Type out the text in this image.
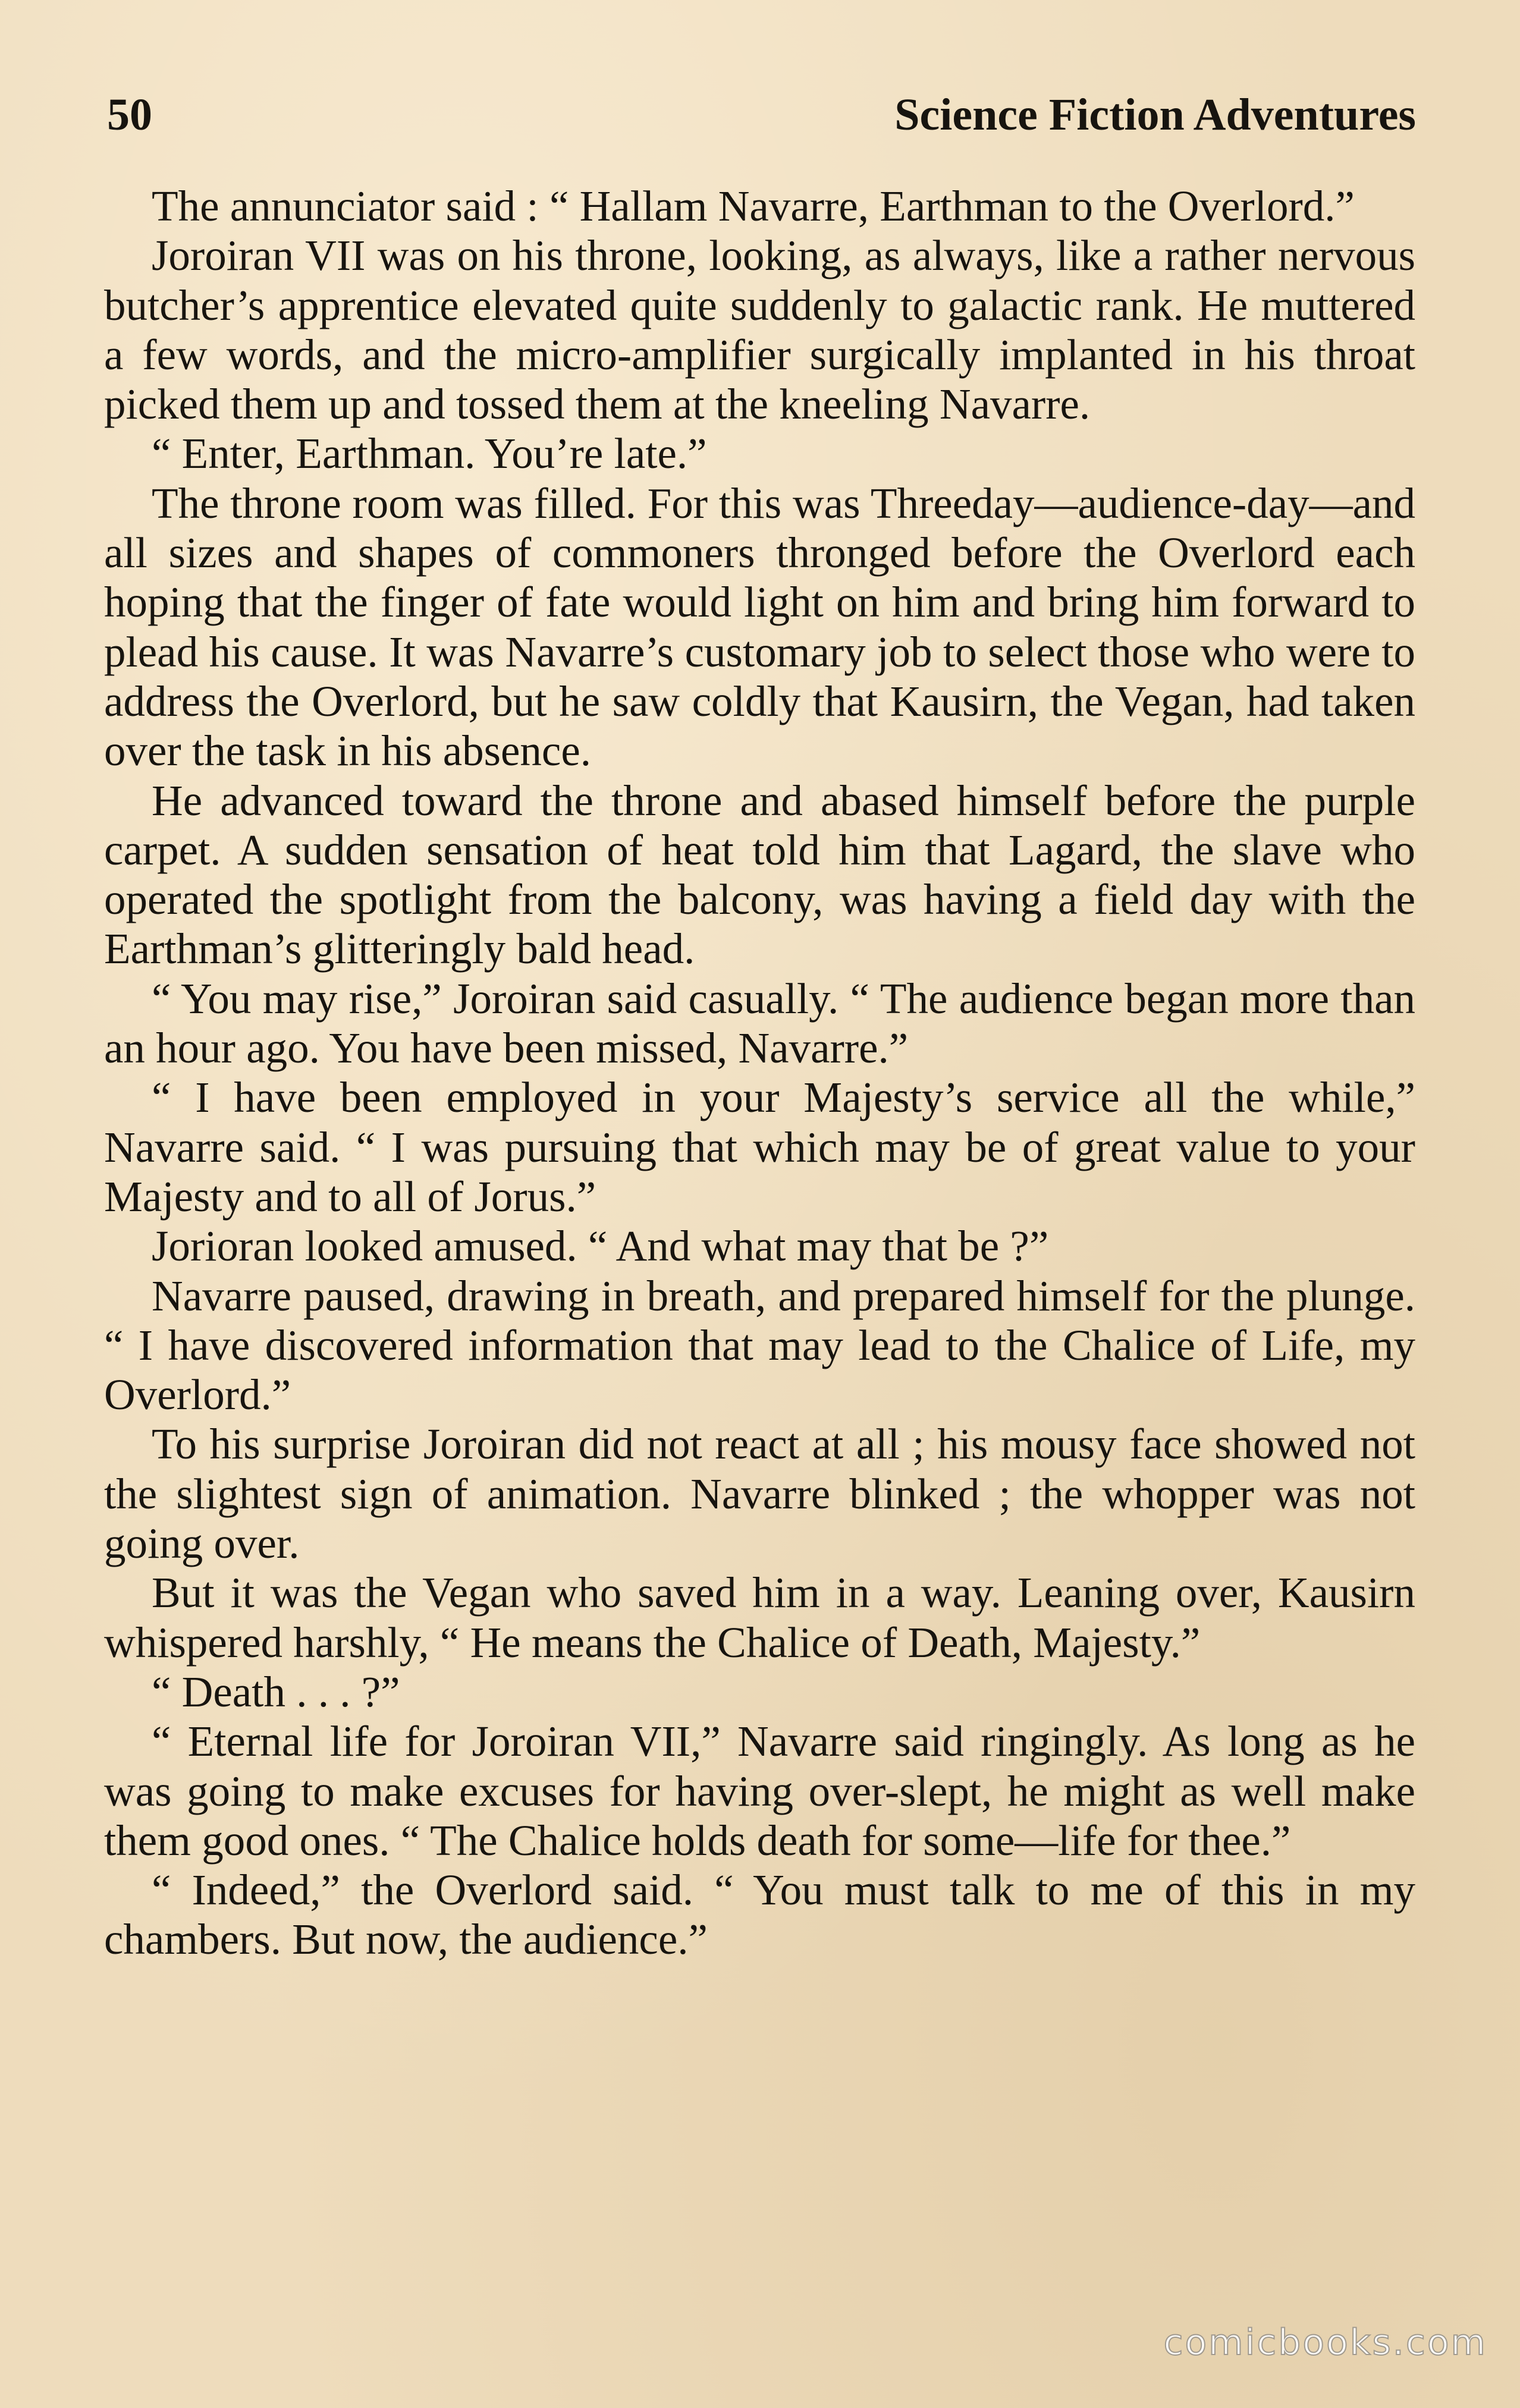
50	Science Fiction Adventures

The annunciator said : “ Hallam Navarre, Earthman to the Overlord.”

Joroiran VII was on his throne, looking, as always, like a rather nervous butcher’s apprentice elevated quite suddenly to galactic rank. He muttered a few words, and the micro-amplifier surgically implanted in his throat picked them up and tossed them at the kneeling Navarre.

“ Enter, Earthman. You’re late.”

The throne room was filled. For this was Threeday—audience-day—and all sizes and shapes of commoners thronged before the Overlord each hoping that the finger of fate would light on him and bring him forward to plead his cause. It was Navarre’s customary job to select those who were to address the Overlord, but he saw coldly that Kausirn, the Vegan, had taken over the task in his absence.

He advanced toward the throne and abased himself before the purple carpet. A sudden sensation of heat told him that Lagard, the slave who operated the spotlight from the balcony, was having a field day with the Earthman’s glitteringly bald head.

“ You may rise,” Joroiran said casually. “ The audience began more than an hour ago. You have been missed, Navarre.”

“ I have been employed in your Majesty’s service all the while,” Navarre said. “ I was pursuing that which may be of great value to your Majesty and to all of Jorus.”

Jorioran looked amused. “ And what may that be ?”

Navarre paused, drawing in breath, and prepared himself for the plunge. “ I have discovered information that may lead to the Chalice of Life, my Overlord.”

To his surprise Joroiran did not react at all ; his mousy face showed not the slightest sign of animation. Navarre blinked ; the whopper was not going over.

But it was the Vegan who saved him in a way. Leaning over, Kausirn whispered harshly, “ He means the Chalice of Death, Majesty.”

“ Death . . . ?”

“ Eternal life for Joroiran VII,” Navarre said ringingly. As long as he was going to make excuses for having over-slept, he might as well make them good ones. “ The Chalice holds death for some—life for thee.”

“ Indeed,” the Overlord said. “ You must talk to me of this in my chambers. But now, the audience.”

comicbooks.com
